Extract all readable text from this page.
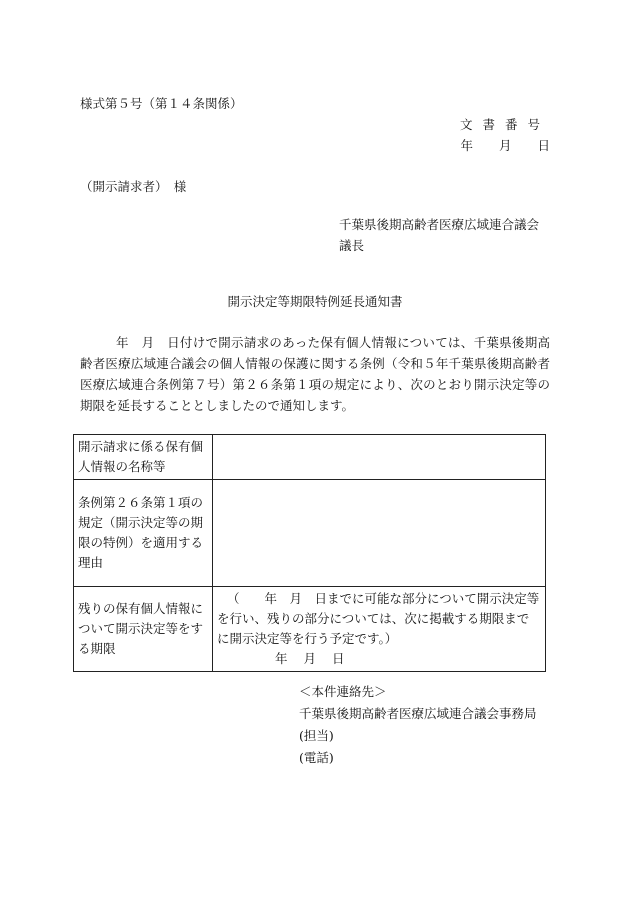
様式第５号（第１４条関係）
文書番号
年 月 日
（開示請求者）　様
千葉県後期高齢者医療広域連合議会
議長
開示決定等期限特例延長通知書
年　月　日付けで開示請求のあった保有個人情報については、千葉県後期高齢者医療広域連合議会の個人情報の保護に関する条例（令和５年千葉県後期高齢者医療広域連合条例第７号）第２６条第１項の規定により、次のとおり開示決定等の期限を延長することとしましたので通知します。
開示請求に係る保有個人情報の名称等	
条例第２６条第１項の規定（開示決定等の期限の特例）を適用する理由	
残りの保有個人情報について開示決定等をする期限	（　　年　月　日までに可能な部分について開示決定等を行い、残りの部分については、次に掲載する期限までに開示決定等を行う予定です。）
年 月 日
＜本件連絡先＞
千葉県後期高齢者医療広域連合議会事務局
(担当)
(電話)
